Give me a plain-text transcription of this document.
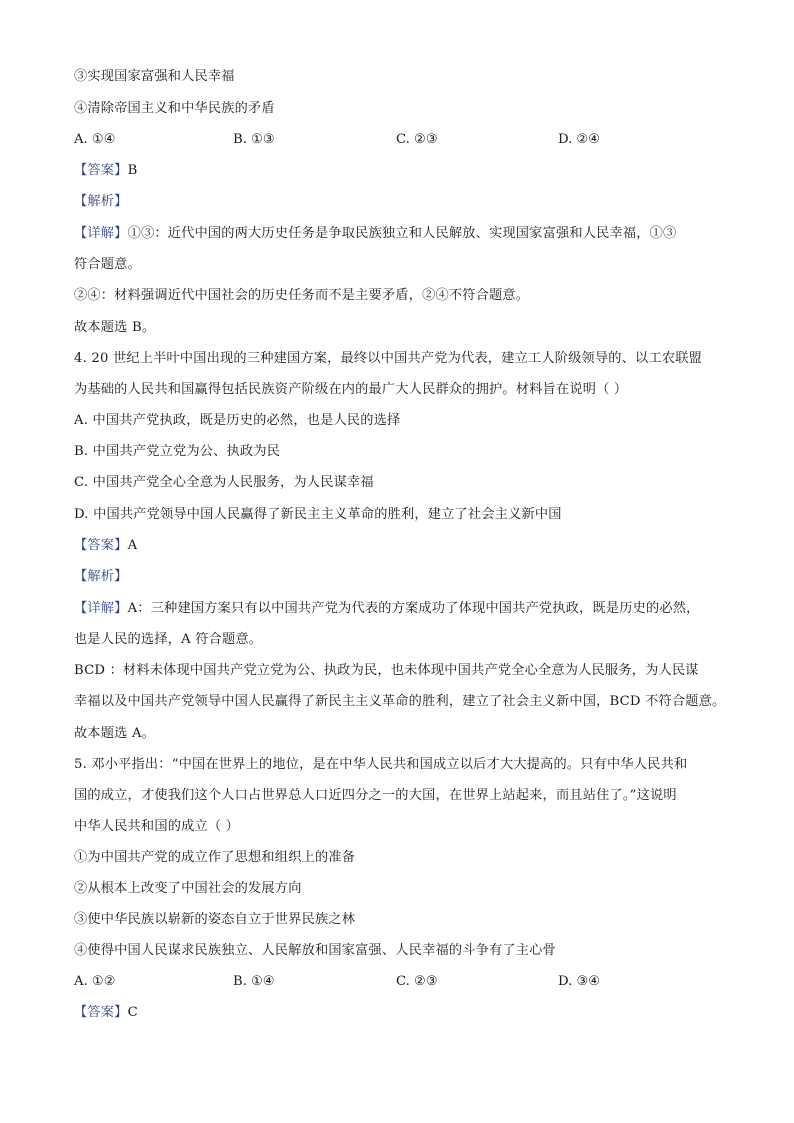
③实现国家富强和人民幸福
④清除帝国主义和中华民族的矛盾
A. ①④	B. ①③	C. ②③	D. ②④
【答案】B
【解析】
【详解】①③：近代中国的两大历史任务是争取民族独立和人民解放、实现国家富强和人民幸福，①③
符合题意。
②④：材料强调近代中国社会的历史任务而不是主要矛盾，②④不符合题意。
故本题选 B。
4. 20 世纪上半叶中国出现的三种建国方案，最终以中国共产党为代表，建立工人阶级领导的、以工农联盟
为基础的人民共和国赢得包括民族资产阶级在内的最广大人民群众的拥护。材料旨在说明（ ）
A. 中国共产党执政，既是历史的必然，也是人民的选择
B. 中国共产党立党为公、执政为民
C. 中国共产党全心全意为人民服务，为人民谋幸福
D. 中国共产党领导中国人民赢得了新民主主义革命的胜利，建立了社会主义新中国
【答案】A
【解析】
【详解】A：三种建国方案只有以中国共产党为代表的方案成功了体现中国共产党执政，既是历史的必然，
也是人民的选择，A 符合题意。
BCD ：材料未体现中国共产党立党为公、执政为民，也未体现中国共产党全心全意为人民服务，为人民谋
幸福以及中国共产党领导中国人民赢得了新民主主义革命的胜利，建立了社会主义新中国，BCD 不符合题意。
故本题选 A。
5. 邓小平指出：“中国在世界上的地位，是在中华人民共和国成立以后才大大提高的。只有中华人民共和
国的成立，才使我们这个人口占世界总人口近四分之一的大国，在世界上站起来，而且站住了。”这说明
中华人民共和国的成立（ ）
①为中国共产党的成立作了思想和组织上的准备
②从根本上改变了中国社会的发展方向
③使中华民族以崭新的姿态自立于世界民族之林
④使得中国人民谋求民族独立、人民解放和国家富强、人民幸福的斗争有了主心骨
A. ①②	B. ①④	C. ②③	D. ③④
【答案】C
